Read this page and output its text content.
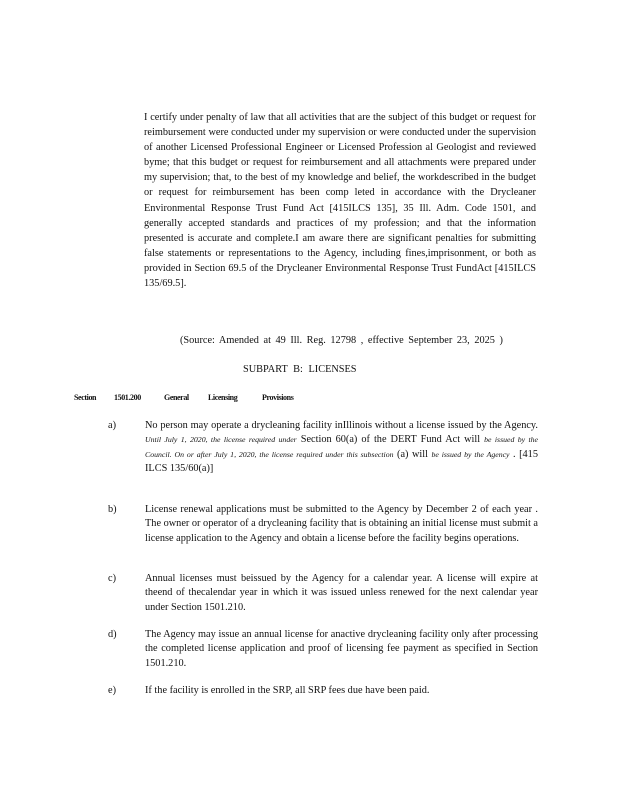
I certify under penalty of law that all activities that are the subject of this budget or request for reimbursement were conducted under my supervision or were conducted under the supervision of another Licensed Professional Engineer or Licensed Profession al Geologist and reviewed byme; that this budget or request for reimbursement and all attachments were prepared under my supervision; that, to the best of my knowledge and belief, the workdescribed in the budget or request for reimbursement has been comp leted in accordance with the Drycleaner Environmental Response Trust Fund Act [415ILCS 135], 35 Ill. Adm. Code 1501, and generally accepted standards and practices of my profession; and that the information presented is accurate and complete.I am aware there are significant penalties for submitting false statements or representations to the Agency, including fines,imprisonment, or both as provided in Section 69.5 of the Drycleaner Environmental Response Trust FundAct [415ILCS 135/69.5].

(Source: Amended at 49 Ill. Reg. 12798 , effective September 23, 2025 )
SUBPART B: LICENSES
Section 1501.200	General Licensing	Provisions
a)	No person may operate a drycleaning facility inIllinois without a license issued by the Agency. Until July 1, 2020, the license required under Section 60(a) of the DERT Fund Act will be issued by the Council. On or after July 1, 2020, the license required under this subsection (a) will be issued by the Agency . [415 ILCS 135/60(a)]

b)	License renewal applications must be submitted to the Agency by December 2 of each year . The owner or operator of a drycleaning facility that is obtaining an initial license must submit a license application to the Agency and obtain a license before the facility begins operations.

c)	Annual licenses must beissued by the Agency for a calendar year. A license will expire at theend of thecalendar year in which it was issued unless renewed for the next calendar year under Section 1501.210.

d)	The Agency may issue an annual license for anactive drycleaning facility only after processing the completed license application and proof of licensing fee payment as specified in Section 1501.210.

e)	If the facility is enrolled in the SRP, all SRP fees due have been paid.
